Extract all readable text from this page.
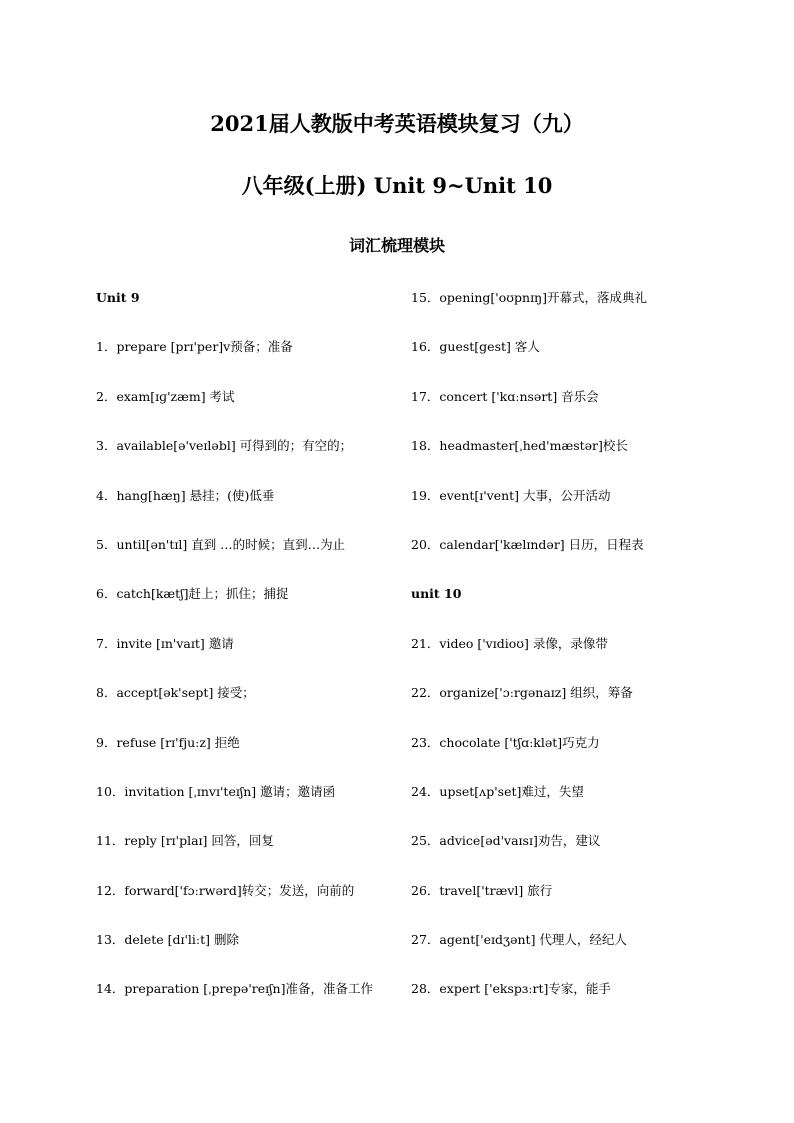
2021届人教版中考英语模块复习（九）
八年级(上册) Unit 9~Unit 10
词汇梳理模块
Unit 9
1．prepare [prɪ'per]v预备；准备
2．exam[ɪɡ'zæm] 考试
3．available[ə'veɪləbl] 可得到的；有空的；
4．hang[hæŋ] 悬挂；(使)低垂
5．until[ən'tɪl] 直到 …的时候；直到…为止
6．catch[kætʃ]赶上；抓住；捕捉
7．invite [ɪn'vaɪt] 邀请
8．accept[ək'sept] 接受；
9．refuse [rɪ'fjuːz] 拒绝
10．invitation [ˌɪnvɪ'teɪʃn] 邀请；邀请函
11．reply [rɪ'plaɪ] 回答，回复
12．forward['fɔːrwərd]转交；发送，向前的
13．delete [dɪ'liːt] 删除
14．preparation [ˌprepə'reɪʃn]准备，准备工作
15．opening['oʊpnɪŋ]开幕式，落成典礼
16．guest[gest] 客人
17．concert ['kɑːnsərt] 音乐会
18．headmaster[ˌhed'mæstər]校长
19．event[ɪ'vent] 大事，公开活动
20．calendar['kælɪndər] 日历，日程表
unit 10
21．video ['vɪdioʊ] 录像，录像带
22．organize['ɔːrgənaɪz] 组织，筹备
23．chocolate ['tʃɑːklət]巧克力
24．upset[ʌp'set]难过，失望
25．advice[əd'vaɪsɪ]劝告，建议
26．travel['trævl] 旅行
27．agent['eɪdʒənt] 代理人，经纪人
28．expert ['ekspɜːrt]专家，能手
